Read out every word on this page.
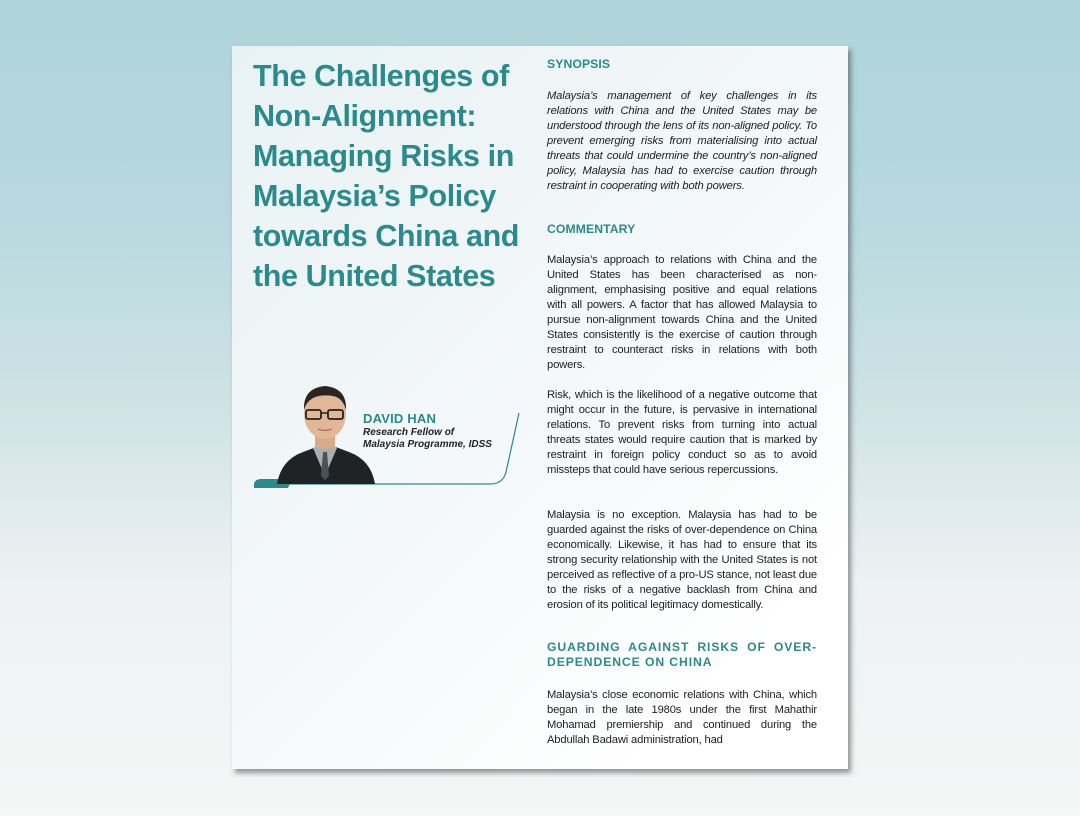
The Challenges of
Non-Alignment:
Managing Risks in
Malaysia’s Policy
towards China and
the United States
DAVID HAN
Research Fellow of
Malaysia Programme, IDSS
SYNOPSIS

Malaysia’s management of key challenges in its relations with China and the United States may be understood through the lens of its non-aligned policy. To prevent emerging risks from materialising into actual threats that could undermine the country’s non-aligned policy, Malaysia has had to exercise caution through restraint in cooperating with both powers.

COMMENTARY

Malaysia’s approach to relations with China and the United States has been characterised as non-alignment, emphasising positive and equal relations with all powers. A factor that has allowed Malaysia to pursue non-alignment towards China and the United States consistently is the exercise of caution through restraint to counteract risks in relations with both powers.

Risk, which is the likelihood of a negative outcome that might occur in the future, is pervasive in international relations. To prevent risks from turning into actual threats states would require caution that is marked by restraint in foreign policy conduct so as to avoid missteps that could have serious repercussions.

Malaysia is no exception. Malaysia has had to be guarded against the risks of over-dependence on China economically. Likewise, it has had to ensure that its strong security relationship with the United States is not perceived as reflective of a pro-US stance, not least due to the risks of a negative backlash from China and erosion of its political legitimacy domestically.

GUARDING AGAINST RISKS OF OVER-DEPENDENCE ON CHINA

Malaysia’s close economic relations with China, which began in the late 1980s under the first Mahathir Mohamad premiership and continued during the Abdullah Badawi administration, had
